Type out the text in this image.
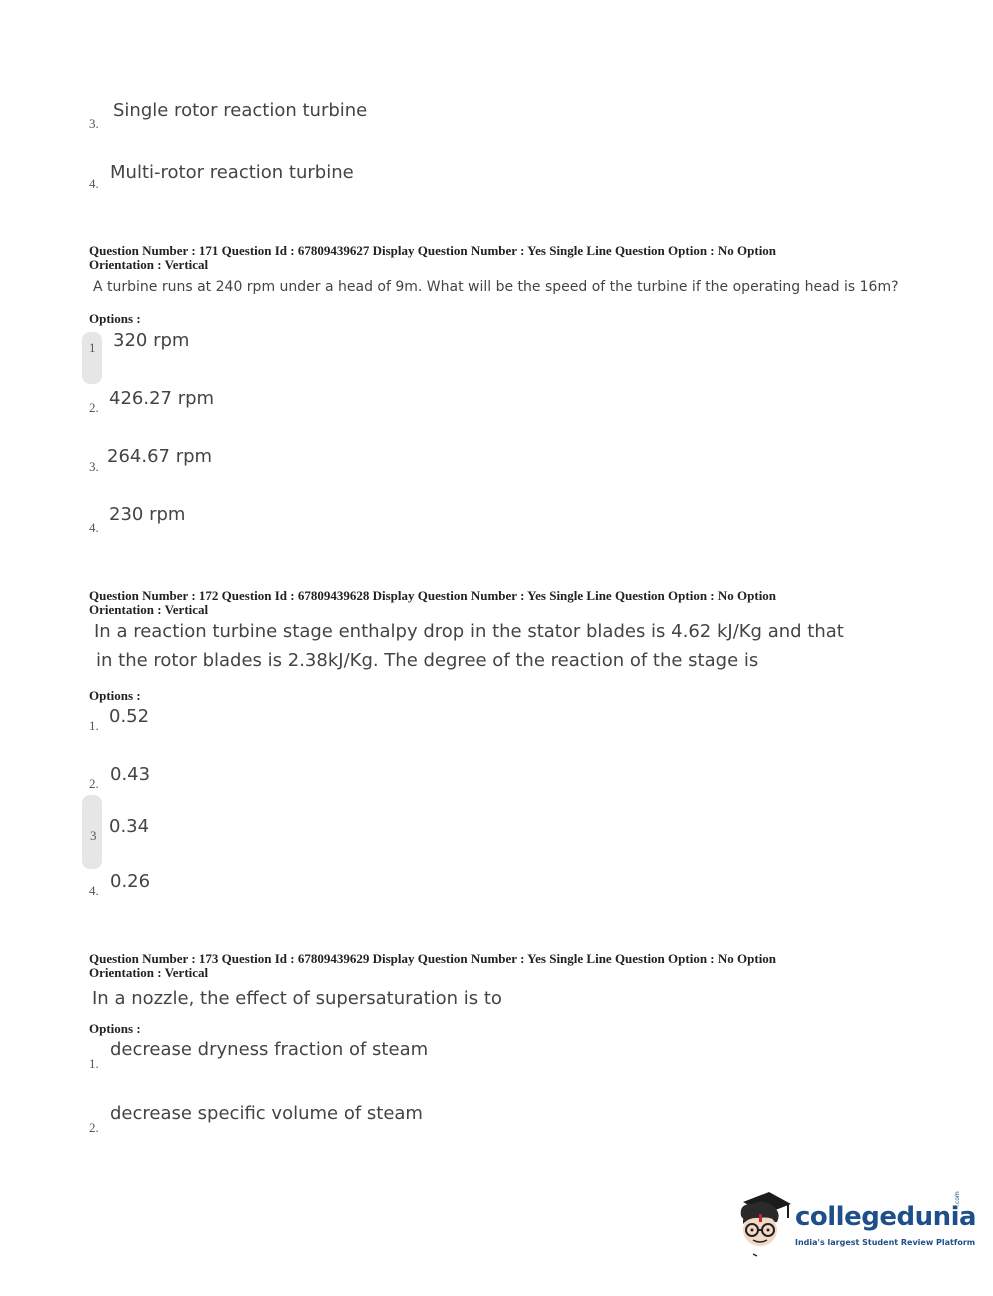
3.
Single rotor reaction turbine
4.
Multi-rotor reaction turbine
Question Number : 171 Question Id : 67809439627 Display Question Number : Yes Single Line Question Option : No Option
Orientation : Vertical
A turbine runs at 240 rpm under a head of 9m. What will be the speed of the turbine if the operating head is 16m?
Options :
1 320 rpm
2. 426.27 rpm
3. 264.67 rpm
4.
230 rpm
Question Number : 172 Question Id : 67809439628 Display Question Number : Yes Single Line Question Option : No Option
Orientation : Vertical
In a reaction turbine stage enthalpy drop in the stator blades is 4.62 kJ/Kg and that
in the rotor blades is 2.38kJ/Kg. The degree of the reaction of the stage is
Options :
1. 0.52
2. 0.43
3 0.34
4. 0.26
Question Number : 173 Question Id : 67809439629 Display Question Number : Yes Single Line Question Option : No Option
Orientation : Vertical
In a nozzle, the effect of supersaturation is to
Options :
1.
decrease dryness fraction of steam
2.
decrease specific volume of steam
collegedunia
.com
India's largest Student Review Platform
